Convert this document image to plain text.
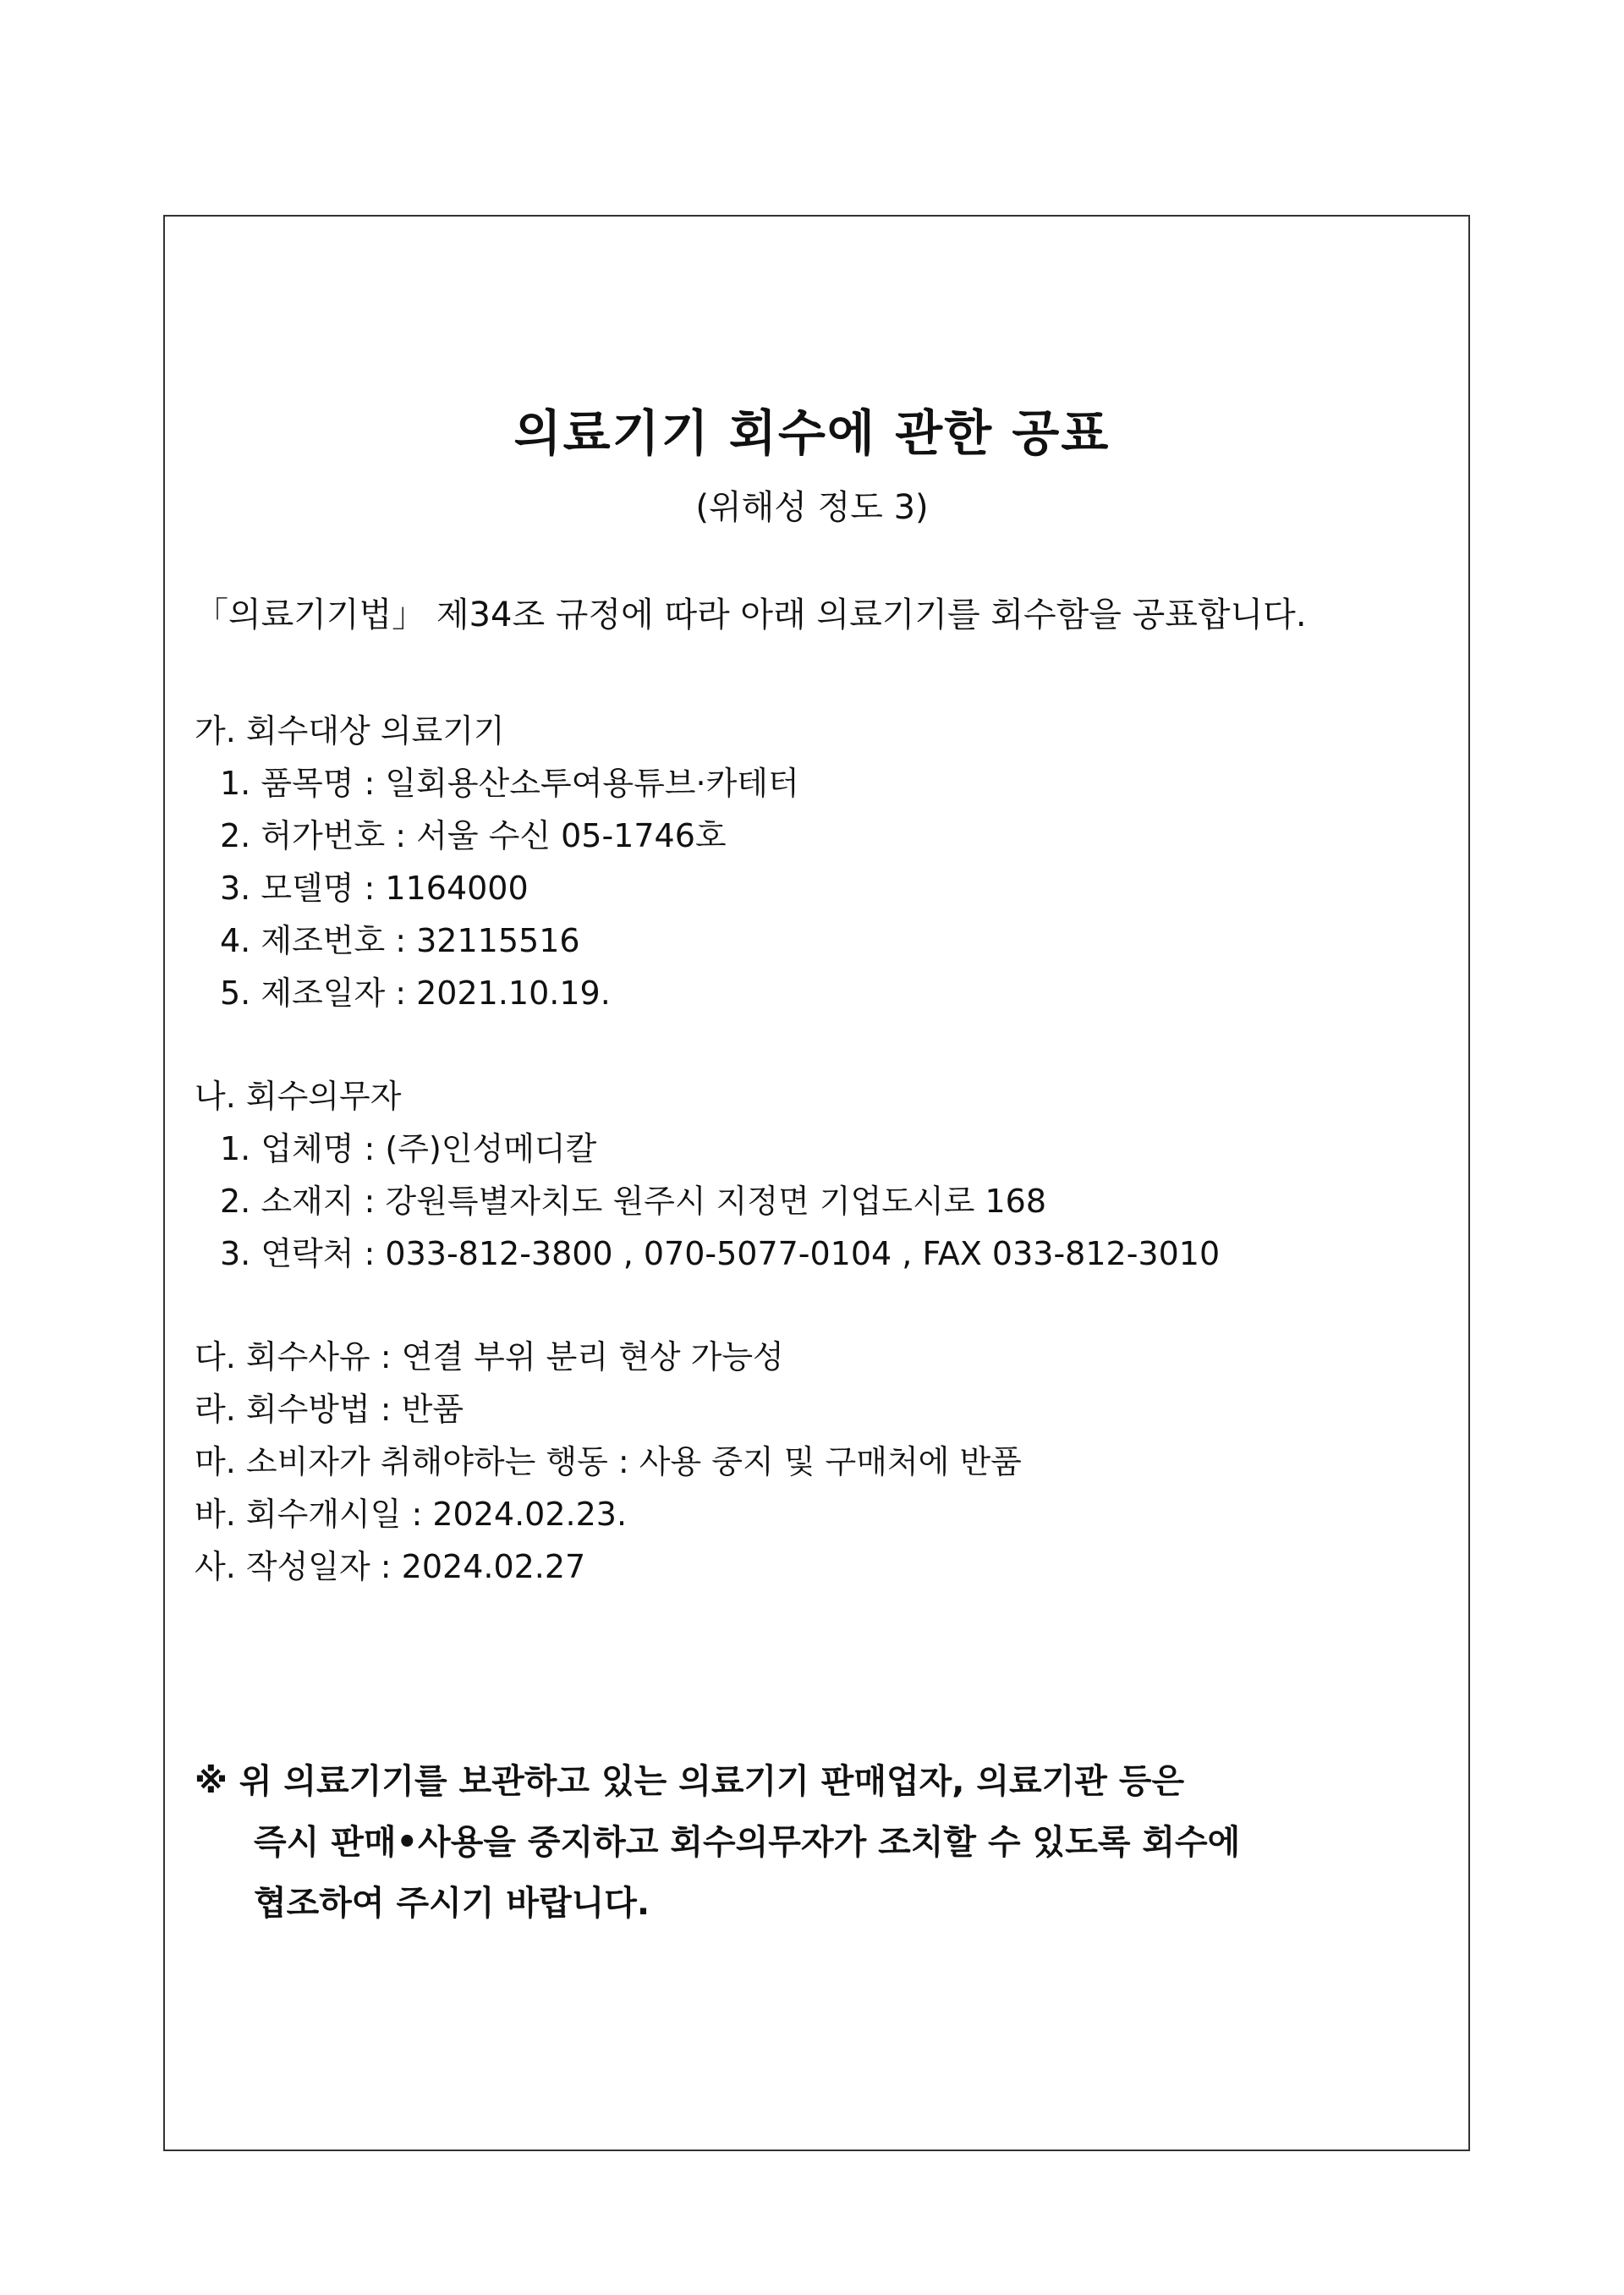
의료기기 회수에 관한 공표
(위해성 정도 3)
「의료기기법」 제34조 규정에 따라 아래 의료기기를 회수함을 공표합니다.
가. 회수대상 의료기기
1. 품목명 : 일회용산소투여용튜브·카테터
2. 허가번호 : 서울 수신 05-1746호
3. 모델명 : 1164000
4. 제조번호 : 32115516
5. 제조일자 : 2021.10.19.
나. 회수의무자
1. 업체명 : (주)인성메디칼
2. 소재지 : 강원특별자치도 원주시 지정면 기업도시로 168
3. 연락처 : 033-812-3800 , 070-5077-0104 , FAX 033-812-3010
다. 회수사유 : 연결 부위 분리 현상 가능성
라. 회수방법 : 반품
마. 소비자가 취해야하는 행동 : 사용 중지 및 구매처에 반품
바. 회수개시일 : 2024.02.23.
사. 작성일자 : 2024.02.27
※ 위 의료기기를 보관하고 있는 의료기기 판매업자, 의료기관 등은
즉시 판매•사용을 중지하고 회수의무자가 조치할 수 있도록 회수에
협조하여 주시기 바랍니다.
